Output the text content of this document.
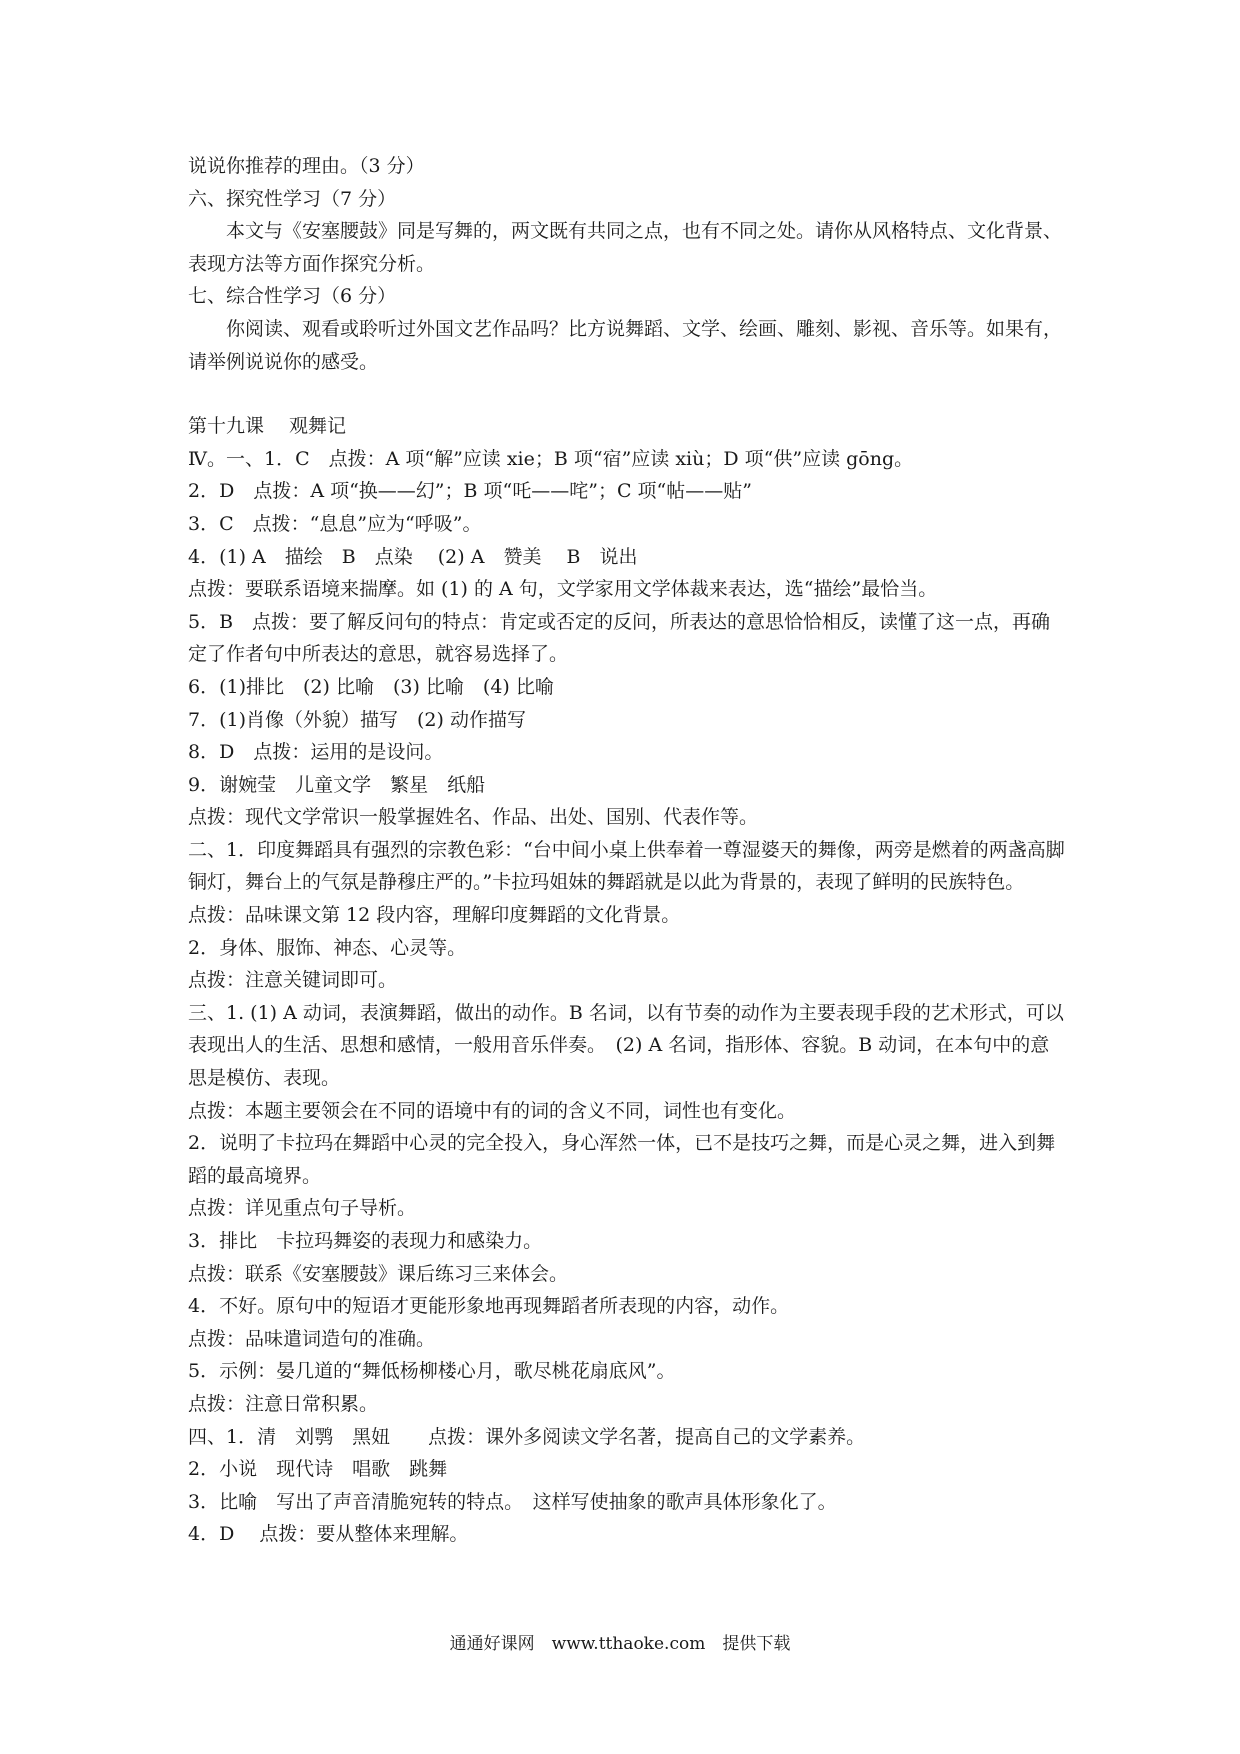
说说你推荐的理由。（3 分）
六、探究性学习（7 分）
本文与《安塞腰鼓》同是写舞的，两文既有共同之点，也有不同之处。请你从风格特点、文化背景、表现方法等方面作探究分析。
七、综合性学习（6 分）
你阅读、观看或聆听过外国文艺作品吗？比方说舞蹈、文学、绘画、雕刻、影视、音乐等。如果有，请举例说说你的感受。
第十九课　 观舞记
Ⅳ。一、1．C　点拨：A 项“解”应读 xie；B 项“宿”应读 xiù；D 项“供”应读 gōng。
2．D　点拨：A 项“换——幻”；B 项“吒——咤”；C 项“帖——贴”
3．C　点拨：“息息”应为“呼吸”。
4．(1) A　描绘　B　点染　 (2) A　赞美　 B　说出
点拨：要联系语境来揣摩。如 (1) 的 A 句，文学家用文学体裁来表达，选“描绘”最恰当。
5．B　点拨：要了解反问句的特点：肯定或否定的反问，所表达的意思恰恰相反，读懂了这一点，再确定了作者句中所表达的意思，就容易选择了。
6．(1)排比　(2) 比喻　(3) 比喻　(4) 比喻
7．(1)肖像（外貌）描写　(2) 动作描写
8．D　点拨：运用的是设问。
9．谢婉莹　儿童文学　繁星　纸船
点拨：现代文学常识一般掌握姓名、作品、出处、国别、代表作等。
二、1．印度舞蹈具有强烈的宗教色彩：“台中间小桌上供奉着一尊湿婆天的舞像，两旁是燃着的两盏高脚铜灯，舞台上的气氛是静穆庄严的。”卡拉玛姐妹的舞蹈就是以此为背景的，表现了鲜明的民族特色。
点拨：品味课文第 12 段内容，理解印度舞蹈的文化背景。
2．身体、服饰、神态、心灵等。
点拨：注意关键词即可。
三、1. (1) A 动词，表演舞蹈，做出的动作。B 名词，以有节奏的动作为主要表现手段的艺术形式，可以表现出人的生活、思想和感情，一般用音乐伴奏。　(2) A 名词，指形体、容貌。B 动词，在本句中的意思是模仿、表现。
点拨：本题主要领会在不同的语境中有的词的含义不同，词性也有变化。
2．说明了卡拉玛在舞蹈中心灵的完全投入，身心浑然一体，已不是技巧之舞，而是心灵之舞，进入到舞蹈的最高境界。
点拨：详见重点句子导析。
3．排比　卡拉玛舞姿的表现力和感染力。
点拨：联系《安塞腰鼓》课后练习三来体会。
4．不好。原句中的短语才更能形象地再现舞蹈者所表现的内容，动作。
点拨：品味遣词造句的准确。
5．示例：晏几道的“舞低杨柳楼心月，歌尽桃花扇底风”。
点拨：注意日常积累。
四、1．清　刘鹗　黑妞　　点拨：课外多阅读文学名著，提高自己的文学素养。
2．小说　现代诗　唱歌　跳舞
3．比喻　写出了声音清脆宛转的特点。　这样写使抽象的歌声具体形象化了。
4．D　 点拨：要从整体来理解。
通通好课网　www.tthaoke.com　提供下载
